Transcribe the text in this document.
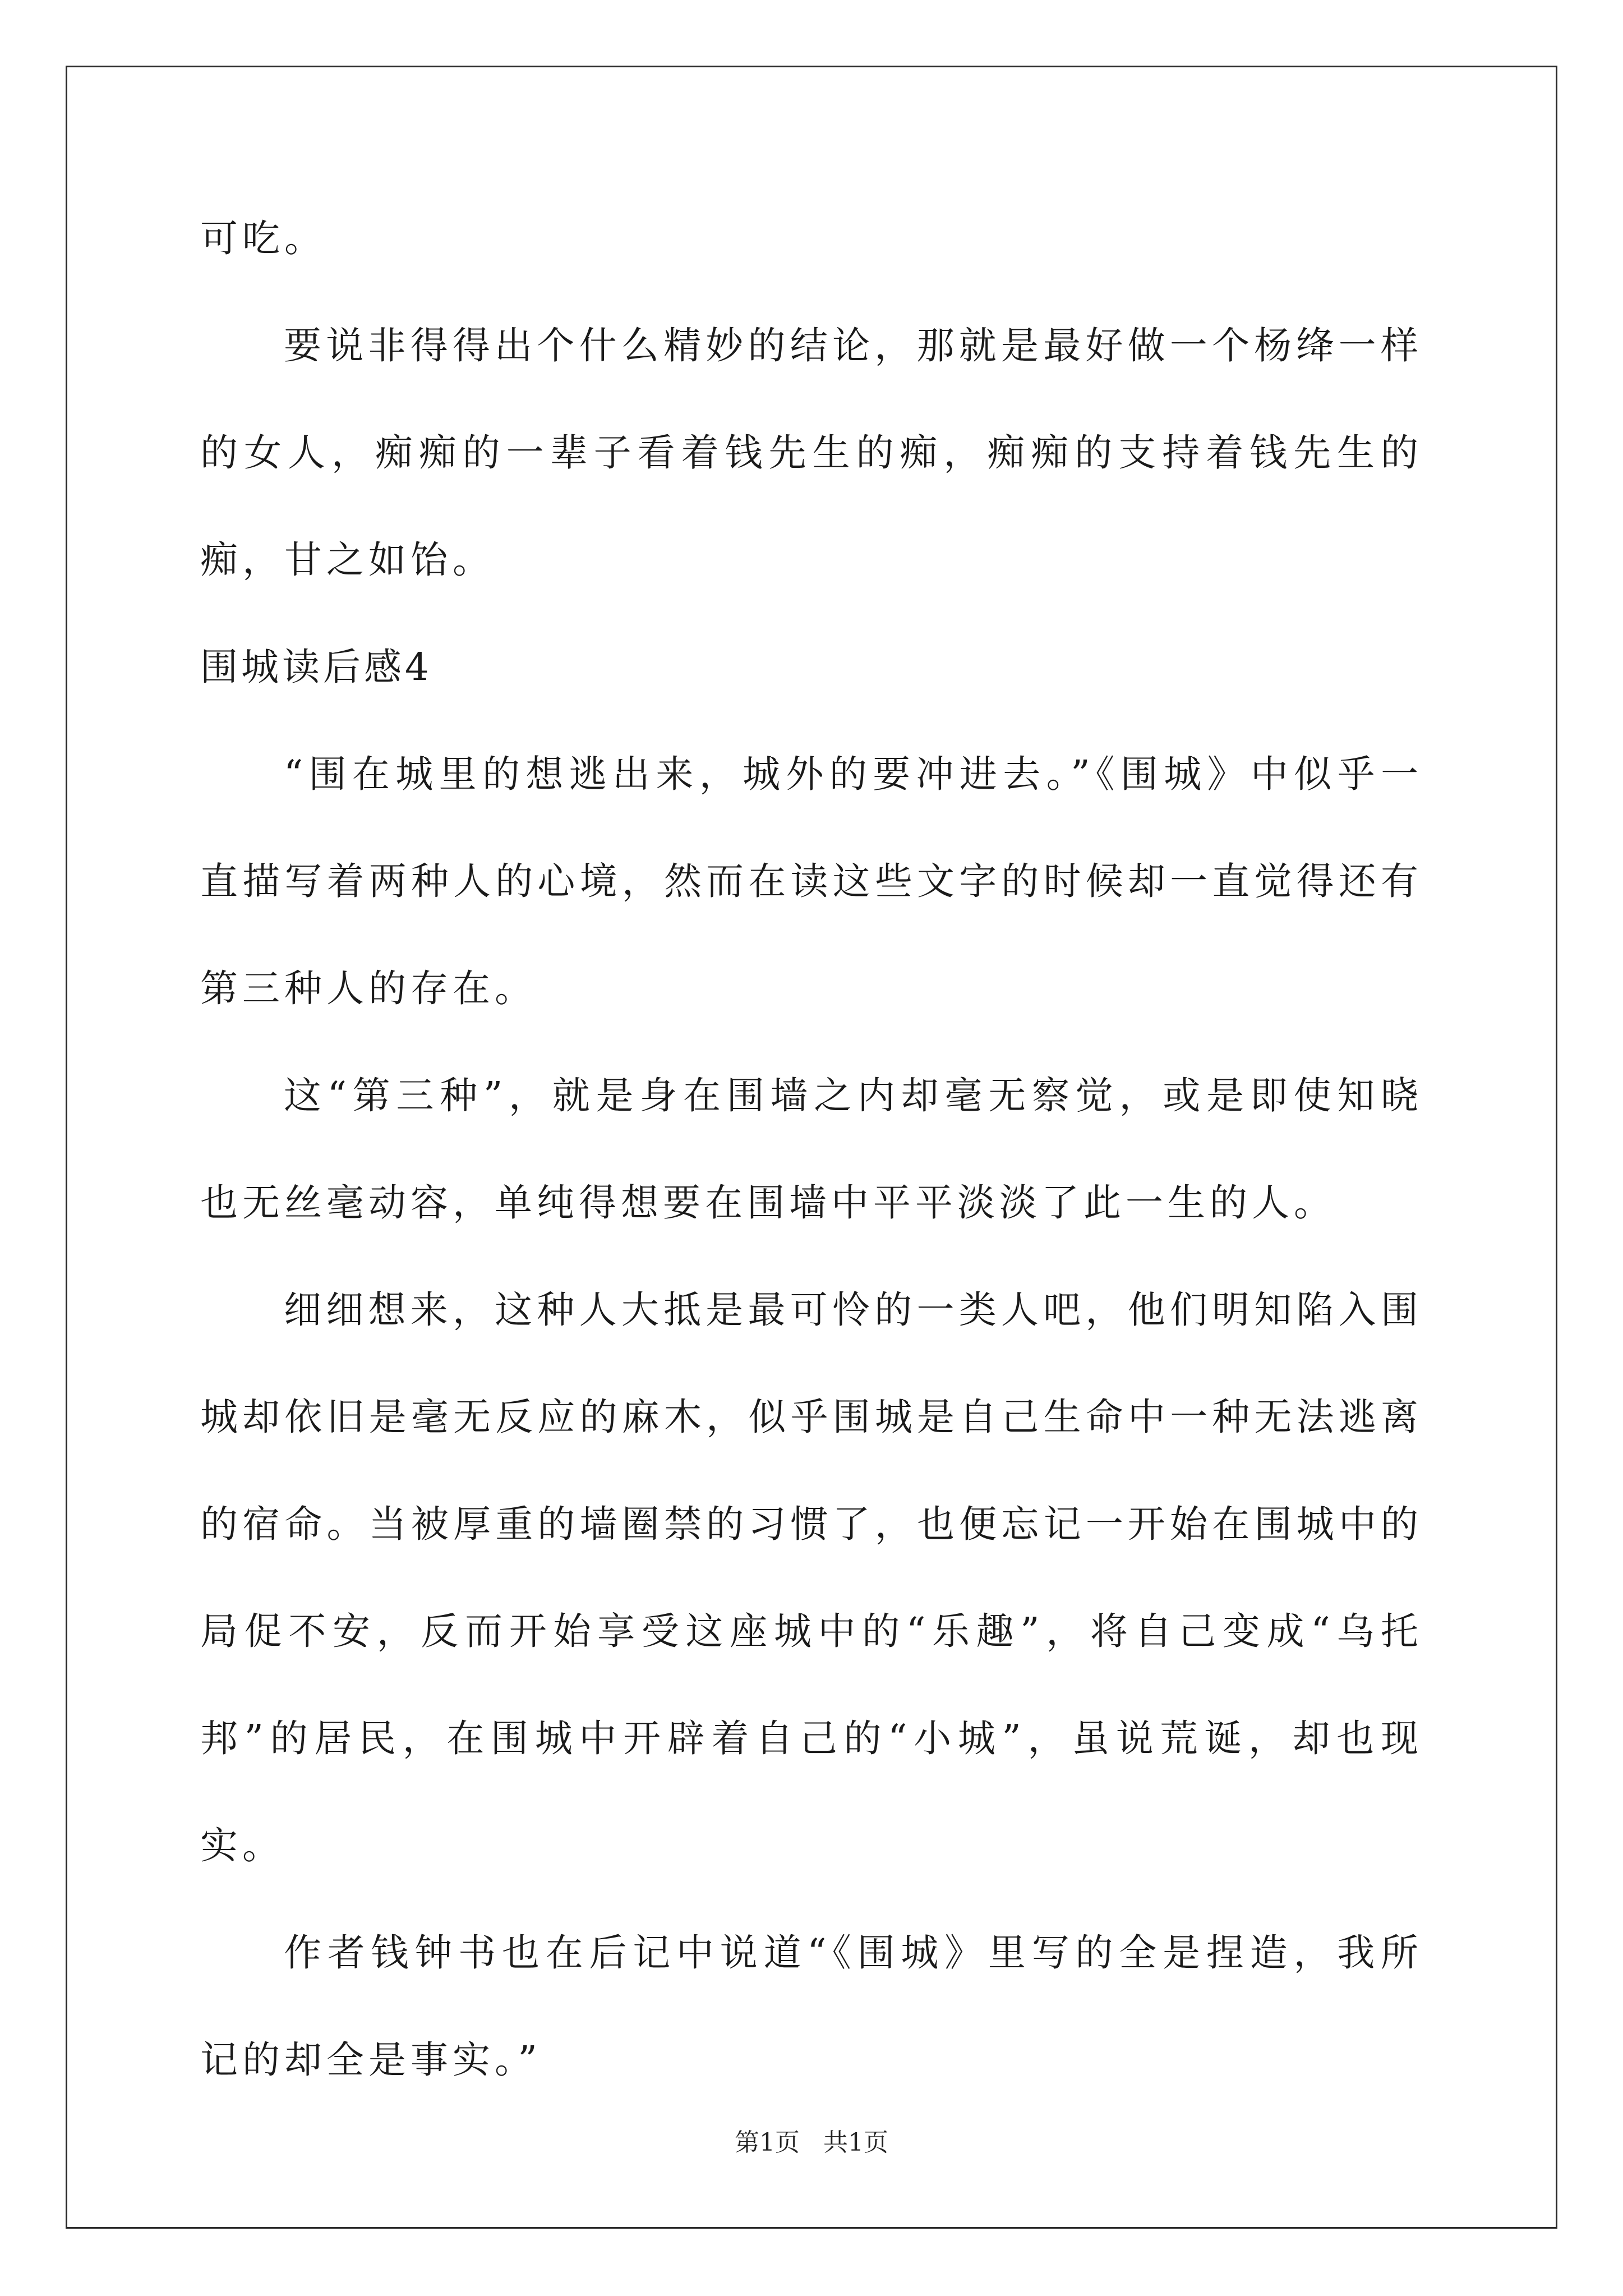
可吃。

要说非得得出个什么精妙的结论，那就是最好做一个杨绛一样的女人，痴痴的一辈子看着钱先生的痴，痴痴的支持着钱先生的痴，甘之如饴。

围城读后感4

“围在城里的想逃出来，城外的要冲进去。”《围城》中似乎一直描写着两种人的心境，然而在读这些文字的时候却一直觉得还有第三种人的存在。

这“第三种”，就是身在围墙之内却毫无察觉，或是即使知晓也无丝毫动容，单纯得想要在围墙中平平淡淡了此一生的人。

细细想来，这种人大抵是最可怜的一类人吧，他们明知陷入围城却依旧是毫无反应的麻木，似乎围城是自己生命中一种无法逃离的宿命。当被厚重的墙圈禁的习惯了，也便忘记一开始在围城中的局促不安，反而开始享受这座城中的“乐趣”，将自己变成“乌托邦”的居民，在围城中开辟着自己的“小城”，虽说荒诞，却也现实。

作者钱钟书也在后记中说道“《围城》里写的全是捏造，我所记的却全是事实。”

第1页 共1页
